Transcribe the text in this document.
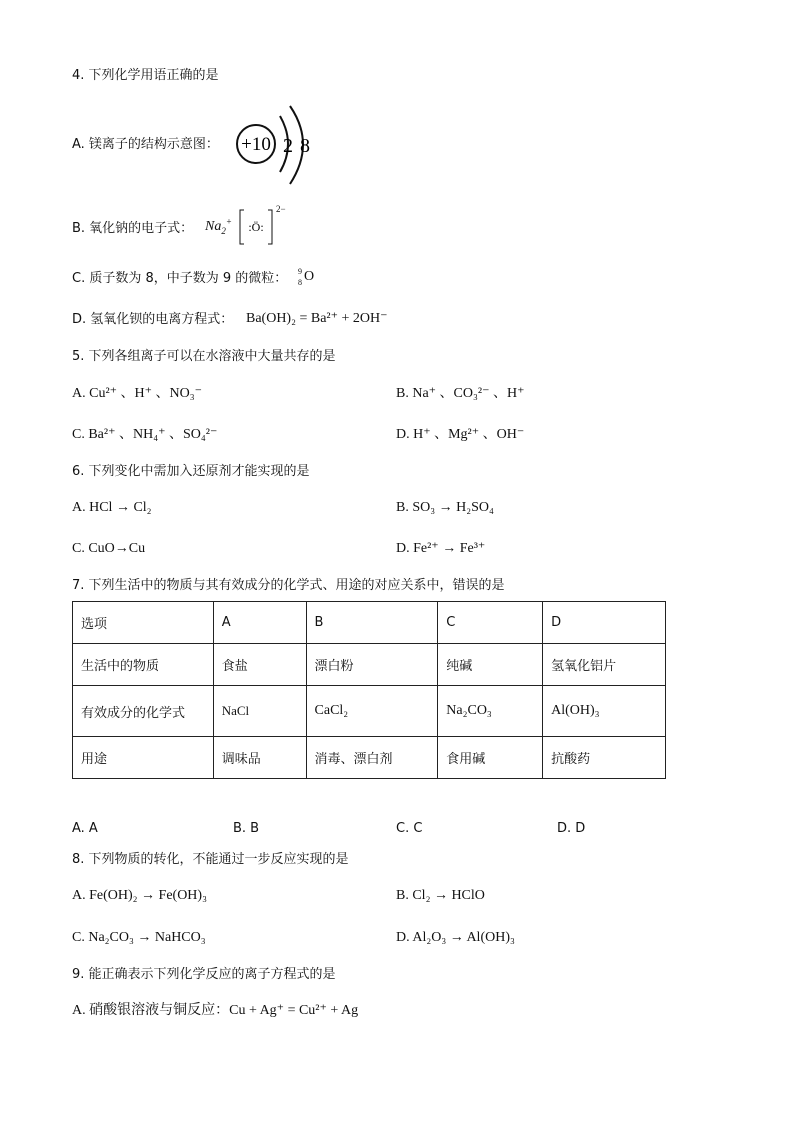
4. 下列化学用语正确的是
A. 镁离子的结构示意图： +10 2 8
B. 氧化钠的电子式： $Na_2^+$ :Ö:
2−
C. 质子数为 8，中子数为 9 的微粒： 9
8 O
D. 氢氧化钡的电离方程式： Ba(OH)₂ = Ba²⁺ + 2OH⁻
5. 下列各组离子可以在水溶液中大量共存的是
A. Cu²⁺ 、H⁺ 、NO₃⁻	B. Na⁺ 、CO₃²⁻ 、H⁺
C. Ba²⁺ 、NH₄⁺ 、SO₄²⁻	D. H⁺ 、Mg²⁺ 、OH⁻
6. 下列变化中需加入还原剂才能实现的是
A. HCl → Cl₂	B. SO₃ → H₂SO₄
C. CuO→Cu	D. Fe²⁺ → Fe³⁺
7. 下列生活中的物质与其有效成分的化学式、用途的对应关系中，错误的是
选项	A	B	C	D
生活中的物质	食盐	漂白粉	纯碱	氢氧化铝片
有效成分的化学式	NaCl	CaCl₂	Na₂CO₃	Al(OH)₃
用途	调味品	消毒、漂白剂	食用碱	抗酸药
A. A	B. B	C. C	D. D
8. 下列物质的转化，不能通过一步反应实现的是
A. Fe(OH)₂ → Fe(OH)₃	B. Cl₂ → HClO
C. Na₂CO₃ → NaHCO₃	D. Al₂O₃ → Al(OH)₃
9. 能正确表示下列化学反应的离子方程式的是
A. 硝酸银溶液与铜反应：Cu + Ag⁺ = Cu²⁺ + Ag
